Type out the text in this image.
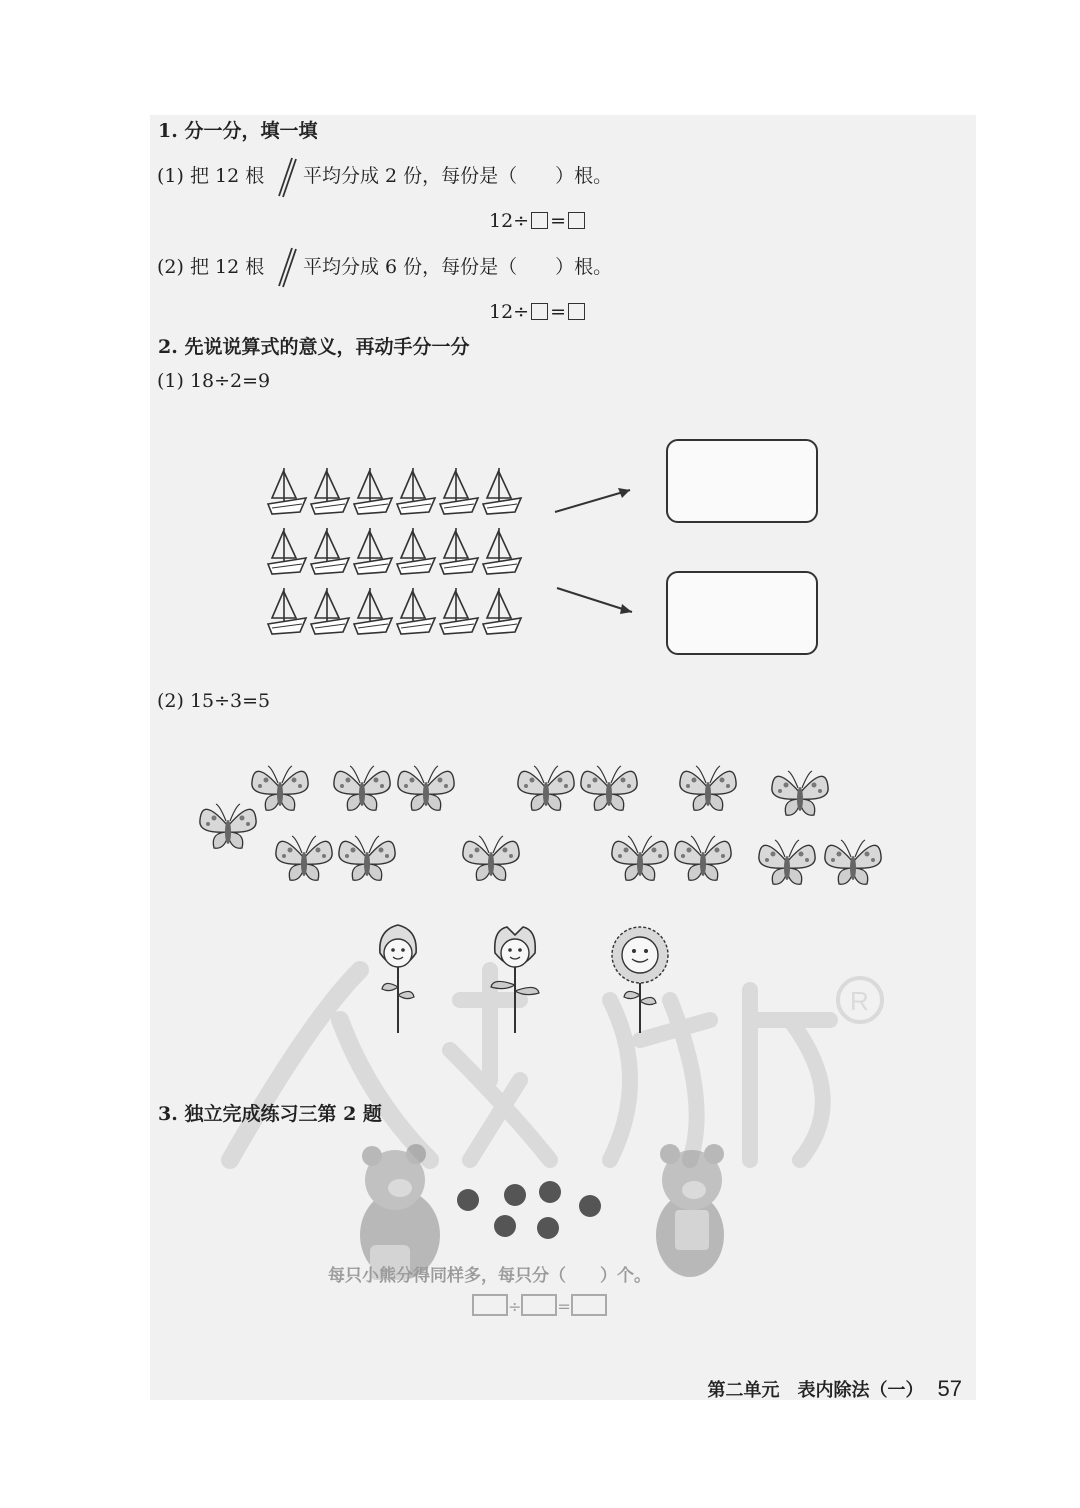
R
1. 分一分，填一填
(1) 把 12 根 平均分成 2 份，每份是（　　）根。
12÷ =
(2) 把 12 根 平均分成 6 份，每份是（　　）根。
12÷ =
2. 先说说算式的意义，再动手分一分
(1) 18÷2=9
(2) 15÷3=5
3. 独立完成练习三第 2 题
每只小熊分得同样多，每只分（　　）个。
÷ =
第二单元　表内除法（一） 57
